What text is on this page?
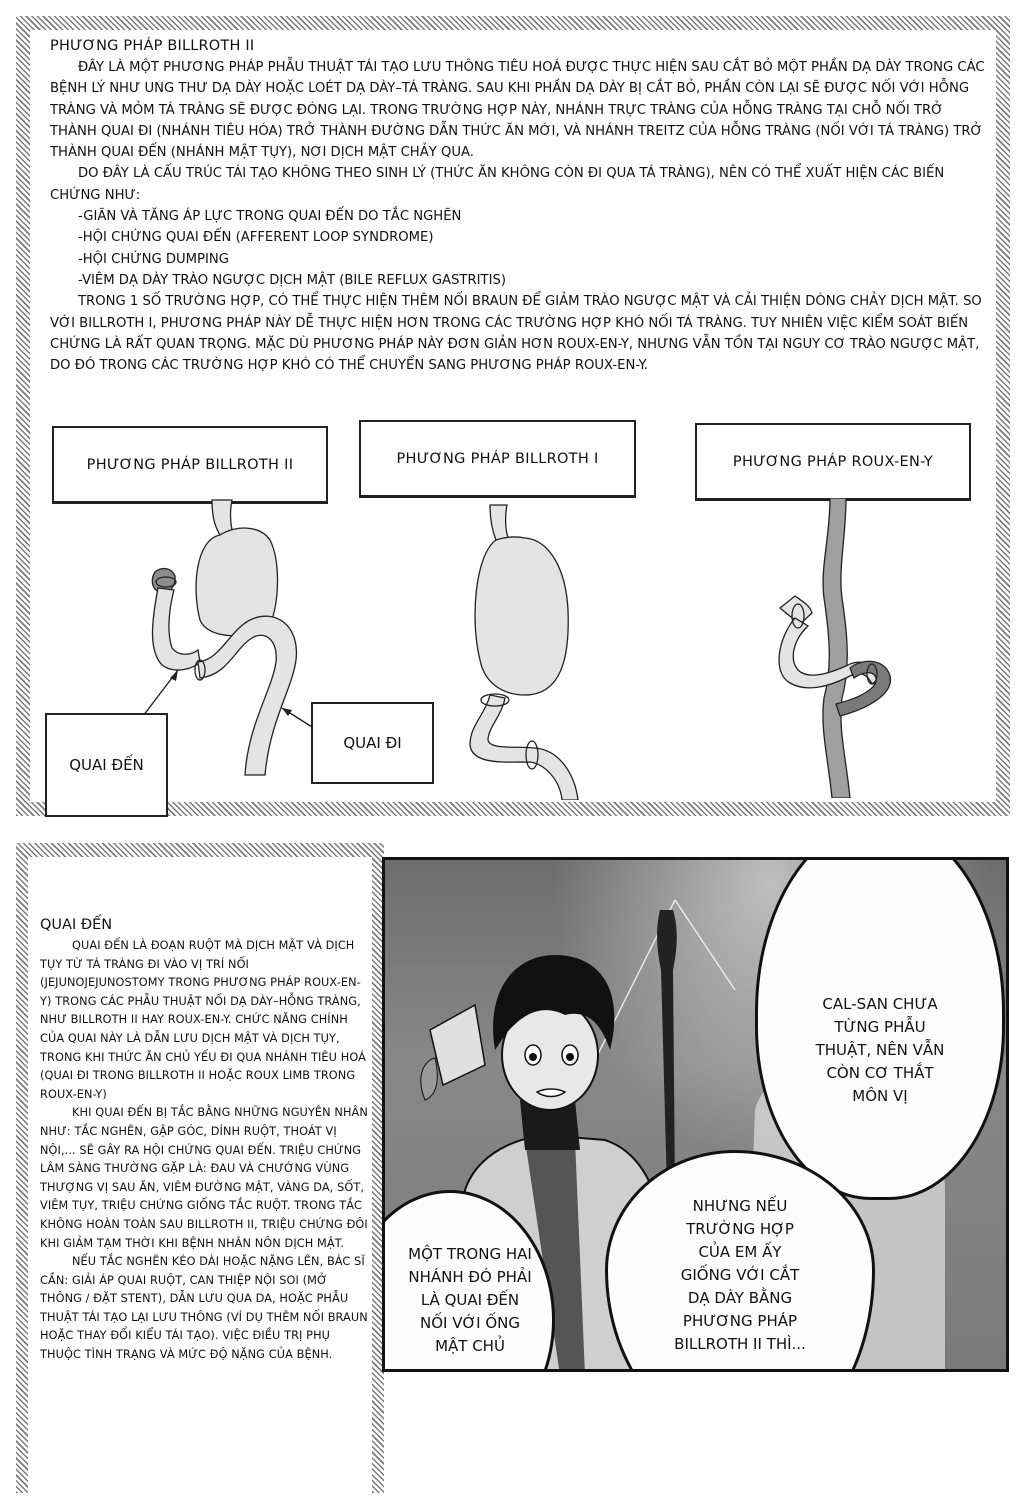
PHƯƠNG PHÁP BILLROTH II

ĐÂY LÀ MỘT PHƯƠNG PHÁP PHẪU THUẬT TÁI TẠO LƯU THÔNG TIÊU HOÁ ĐƯỢC THỰC HIỆN SAU CẮT BỎ MỘT PHẦN DẠ DÀY TRONG CÁC BỆNH LÝ NHƯ UNG THƯ DẠ DÀY HOẶC LOÉT DẠ DÀY–TÁ TRÀNG. SAU KHI PHẦN DẠ DÀY BỊ CẮT BỎ, PHẦN CÒN LẠI SẼ ĐƯỢC NỐI VỚI HỖNG TRÀNG VÀ MỎM TÁ TRÀNG SẼ ĐƯỢC ĐÓNG LẠI. TRONG TRƯỜNG HỢP NÀY, NHÁNH TRỰC TRÀNG CỦA HỖNG TRÀNG TẠI CHỖ NỐI TRỞ THÀNH QUAI ĐI (NHÁNH TIÊU HÓA) TRỞ THÀNH ĐƯỜNG DẪN THỨC ĂN MỚI, VÀ NHÁNH TREITZ CỦA HỖNG TRÀNG (NỐI VỚI TÁ TRÀNG) TRỞ THÀNH QUAI ĐẾN (NHÁNH MẬT TỤY), NƠI DỊCH MẬT CHẢY QUA.

DO ĐÂY LÀ CẤU TRÚC TÁI TẠO KHÔNG THEO SINH LÝ (THỨC ĂN KHÔNG CÒN ĐI QUA TÁ TRÀNG), NÊN CÓ THỂ XUẤT HIỆN CÁC BIẾN CHỨNG NHƯ:

-GIÃN VÀ TĂNG ÁP LỰC TRONG QUAI ĐẾN DO TẮC NGHẼN

-HỘI CHỨNG QUAI ĐẾN (AFFERENT LOOP SYNDROME)

-HỘI CHỨNG DUMPING

-VIÊM DẠ DÀY TRÀO NGƯỢC DỊCH MẬT (BILE REFLUX GASTRITIS)

TRONG 1 SỐ TRƯỜNG HỢP, CÓ THỂ THỰC HIỆN THÊM NỐI BRAUN ĐỂ GIẢM TRÀO NGƯỢC MẬT VÀ CẢI THIỆN DÒNG CHẢY DỊCH MẬT. SO VỚI BILLROTH I, PHƯƠNG PHÁP NÀY DỄ THỰC HIỆN HƠN TRONG CÁC TRƯỜNG HỢP KHÓ NỐI TÁ TRÀNG. TUY NHIÊN VIỆC KIỂM SOÁT BIẾN CHỨNG LÀ RẤT QUAN TRỌNG. MẶC DÙ PHƯƠNG PHÁP NÀY ĐƠN GIẢN HƠN ROUX-EN-Y, NHƯNG VẪN TỒN TẠI NGUY CƠ TRÀO NGƯỢC MẬT, DO ĐÓ TRONG CÁC TRƯỜNG HỢP KHÓ CÓ THỂ CHUYỂN SANG PHƯƠNG PHÁP ROUX-EN-Y.

PHƯƠNG PHÁP BILLROTH II	PHƯƠNG PHÁP BILLROTH I	PHƯƠNG PHÁP ROUX-EN-Y
QUAI ĐẾN
QUAI ĐI
QUAI ĐẾN

QUAI ĐẾN LÀ ĐOẠN RUỘT MÀ DỊCH MẬT VÀ DỊCH TỤY TỪ TÁ TRÀNG ĐI VÀO VỊ TRÍ NỐI (JEJUNOJEJUNOSTOMY TRONG PHƯƠNG PHÁP ROUX-EN-Y) TRONG CÁC PHẪU THUẬT NỐI DẠ DÀY–HỖNG TRÀNG, NHƯ BILLROTH II HAY ROUX-EN-Y. CHỨC NĂNG CHÍNH CỦA QUAI NÀY LÀ DẪN LƯU DỊCH MẬT VÀ DỊCH TỤY, TRONG KHI THỨC ĂN CHỦ YẾU ĐI QUA NHÁNH TIÊU HOÁ (QUAI ĐI TRONG BILLROTH II HOẶC ROUX LIMB TRONG ROUX-EN-Y)

KHI QUAI ĐẾN BỊ TẮC BẰNG NHỮNG NGUYÊN NHÂN NHƯ: TẮC NGHẼN, GẬP GÓC, DÍNH RUỘT, THOÁT VỊ NỘI,... SẼ GÂY RA HỘI CHỨNG QUAI ĐẾN. TRIỆU CHỨNG LÂM SÀNG THƯỜNG GẶP LÀ: ĐAU VÀ CHƯỚNG VÙNG THƯỢNG VỊ SAU ĂN, VIÊM ĐƯỜNG MẬT, VÀNG DA, SỐT, VIÊM TỤY, TRIỆU CHỨNG GIỐNG TẮC RUỘT. TRONG TẮC KHÔNG HOÀN TOÀN SAU BILLROTH II, TRIỆU CHỨNG ĐÔI KHI GIẢM TẠM THỜI KHI BỆNH NHÂN NÔN DỊCH MẬT.

NẾU TẮC NGHẼN KÉO DÀI HOẶC NẶNG LÊN, BÁC SĨ CẦN: GIẢI ÁP QUAI RUỘT, CAN THIỆP NỘI SOI (MỞ THÔNG / ĐẶT STENT), DẪN LƯU QUA DA, HOẶC PHẪU THUẬT TÁI TẠO LẠI LƯU THÔNG (VÍ DỤ THÊM NỐI BRAUN HOẶC THAY ĐỔI KIỂU TÁI TẠO). VIỆC ĐIỀU TRỊ PHỤ THUỘC TÌNH TRẠNG VÀ MỨC ĐỘ NẶNG CỦA BỆNH.

CAL-SAN CHƯA
TỪNG PHẪU
THUẬT, NÊN VẪN
CÒN CƠ THẮT
MÔN VỊ
MỘT TRONG HAI
NHÁNH ĐÓ PHẢI
LÀ QUAI ĐẾN
NỐI VỚI ỐNG
MẬT CHỦ
NHƯNG NẾU
TRƯỜNG HỢP
CỦA EM ẤY
GIỐNG VỚI CẮT
DẠ DÀY BẰNG
PHƯƠNG PHÁP
BILLROTH II THÌ...
